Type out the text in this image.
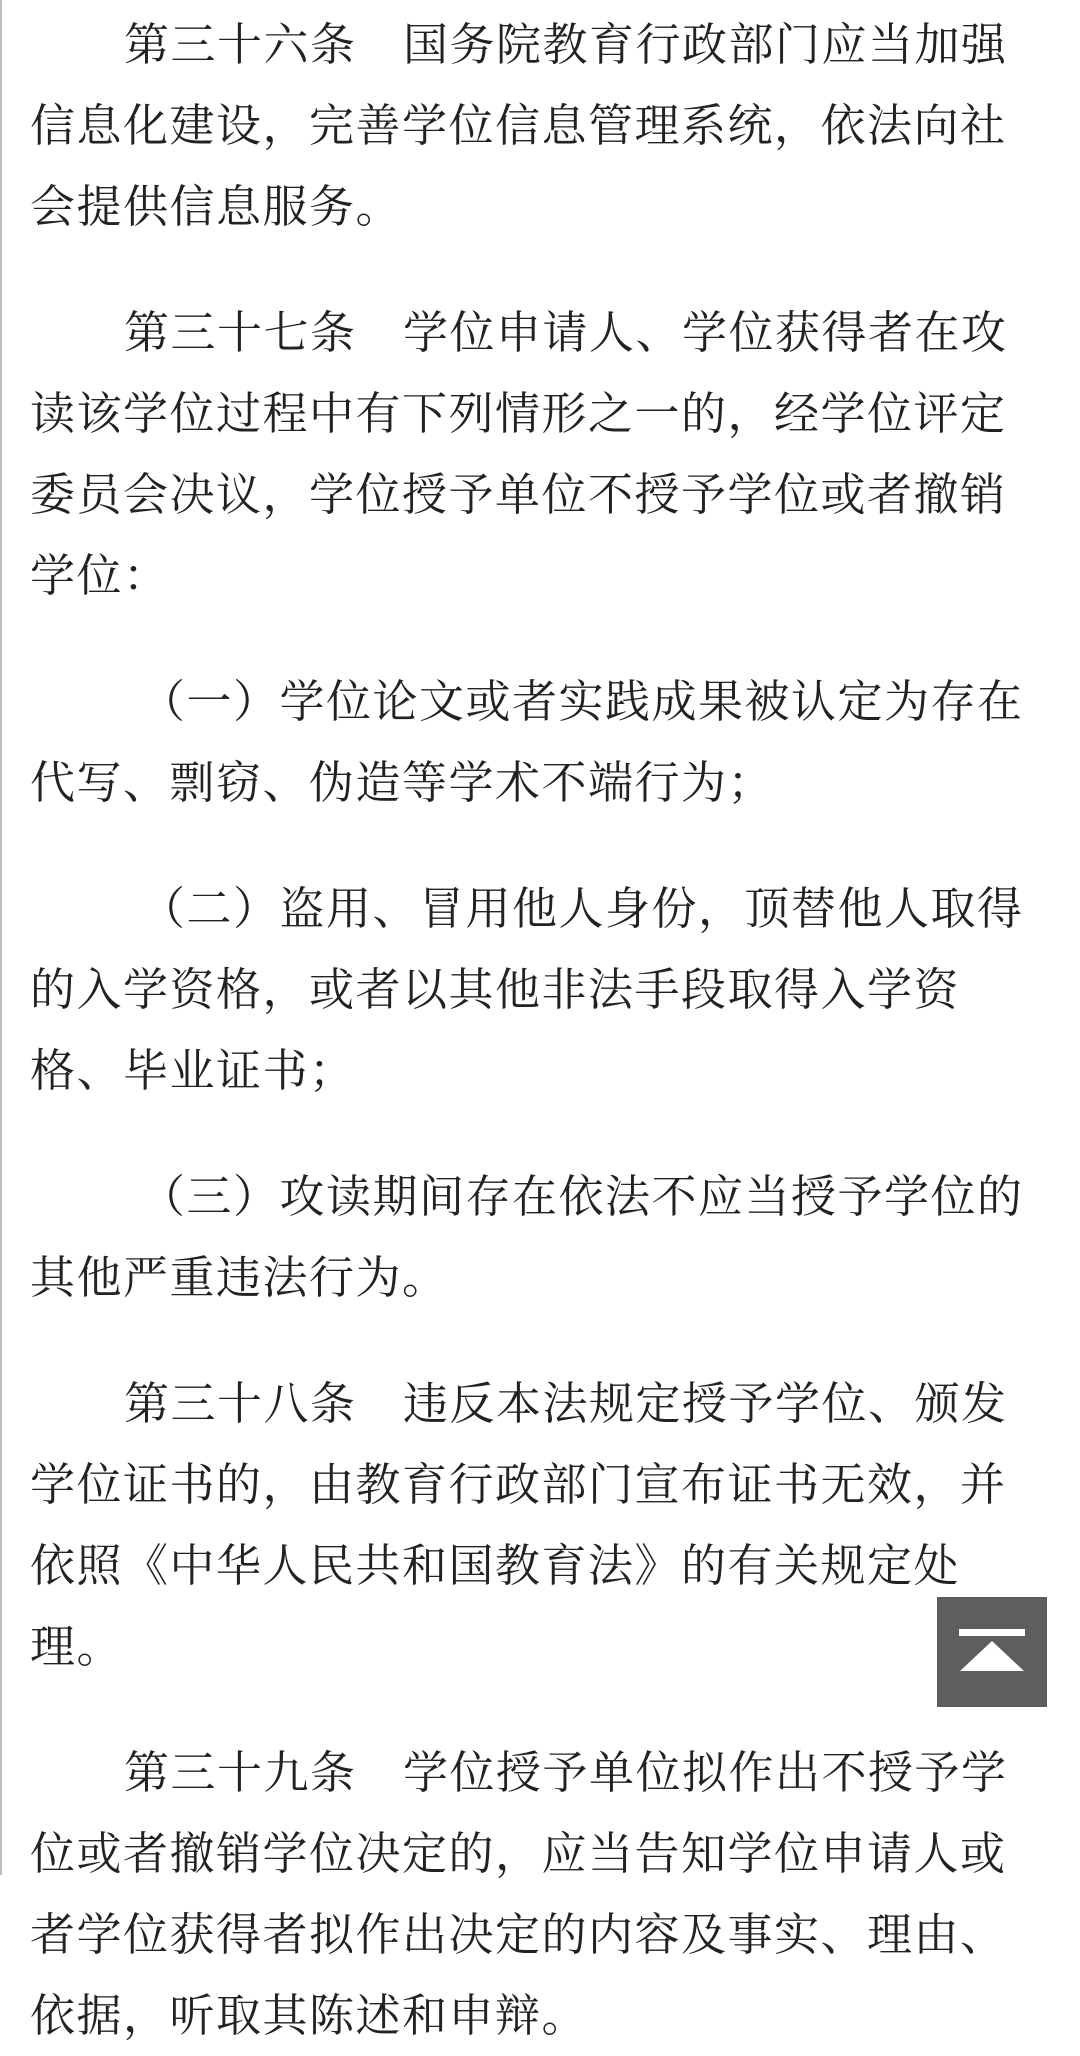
第三十六条　国务院教育行政部门应当加强信息化建设，完善学位信息管理系统，依法向社会提供信息服务。

第三十七条　学位申请人、学位获得者在攻读该学位过程中有下列情形之一的，经学位评定委员会决议，学位授予单位不授予学位或者撤销学位：

（一）学位论文或者实践成果被认定为存在代写、剽窃、伪造等学术不端行为；

（二）盗用、冒用他人身份，顶替他人取得的入学资格，或者以其他非法手段取得入学资格、毕业证书；

（三）攻读期间存在依法不应当授予学位的其他严重违法行为。

第三十八条　违反本法规定授予学位、颁发学位证书的，由教育行政部门宣布证书无效，并依照《中华人民共和国教育法》的有关规定处理。

第三十九条　学位授予单位拟作出不授予学位或者撤销学位决定的，应当告知学位申请人或者学位获得者拟作出决定的内容及事实、理由、依据，听取其陈述和申辩。
